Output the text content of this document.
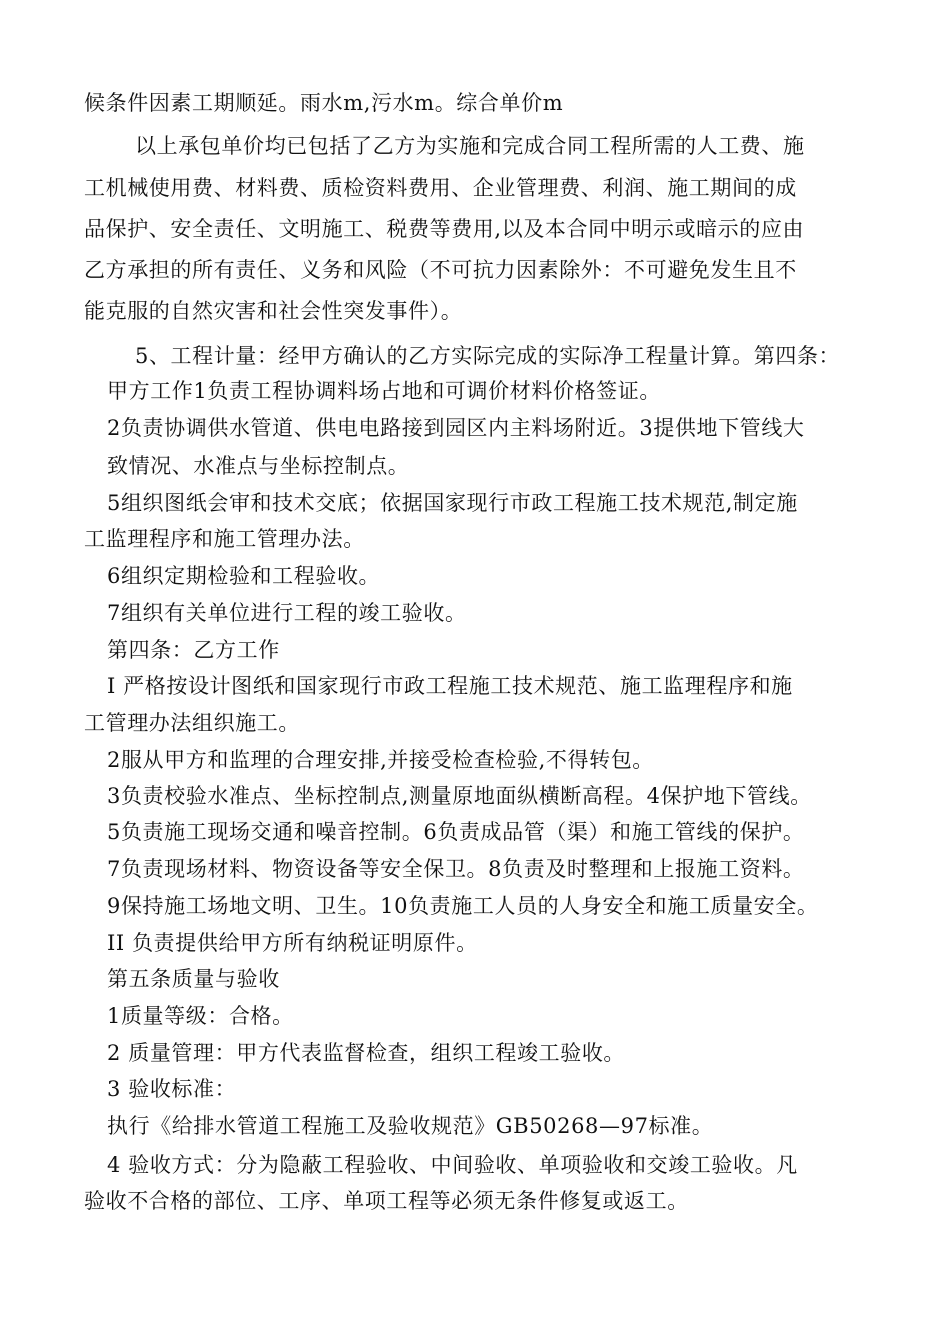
候条件因素工期顺延。雨水m,污水m。综合单价m
以上承包单价均已包括了乙方为实施和完成合同工程所需的人工费、施
工机械使用费、材料费、质检资料费用、企业管理费、利润、施工期间的成
品保护、安全责任、文明施工、税费等费用,以及本合同中明示或暗示的应由
乙方承担的所有责任、义务和风险（不可抗力因素除外：不可避免发生且不
能克服的自然灾害和社会性突发事件）。
5、工程计量：经甲方确认的乙方实际完成的实际净工程量计算。第四条：
甲方工作1负责工程协调料场占地和可调价材料价格签证。
2负责协调供水管道、供电电路接到园区内主料场附近。3提供地下管线大
致情况、水准点与坐标控制点。
5组织图纸会审和技术交底；依据国家现行市政工程施工技术规范,制定施
工监理程序和施工管理办法。
6组织定期检验和工程验收。
7组织有关单位进行工程的竣工验收。
第四条：乙方工作
I 严格按设计图纸和国家现行市政工程施工技术规范、施工监理程序和施
工管理办法组织施工。
2服从甲方和监理的合理安排,并接受检查检验,不得转包。
3负责校验水准点、坐标控制点,测量原地面纵横断高程。4保护地下管线。
5负责施工现场交通和噪音控制。6负责成品管（渠）和施工管线的保护。
7负责现场材料、物资设备等安全保卫。8负责及时整理和上报施工资料。
9保持施工场地文明、卫生。10负责施工人员的人身安全和施工质量安全。
II 负责提供给甲方所有纳税证明原件。
第五条质量与验收
1质量等级：合格。
2 质量管理：甲方代表监督检查，组织工程竣工验收。
3 验收标准：
执行《给排水管道工程施工及验收规范》GB50268—97标准。
4 验收方式：分为隐蔽工程验收、中间验收、单项验收和交竣工验收。凡
验收不合格的部位、工序、单项工程等必须无条件修复或返工。
